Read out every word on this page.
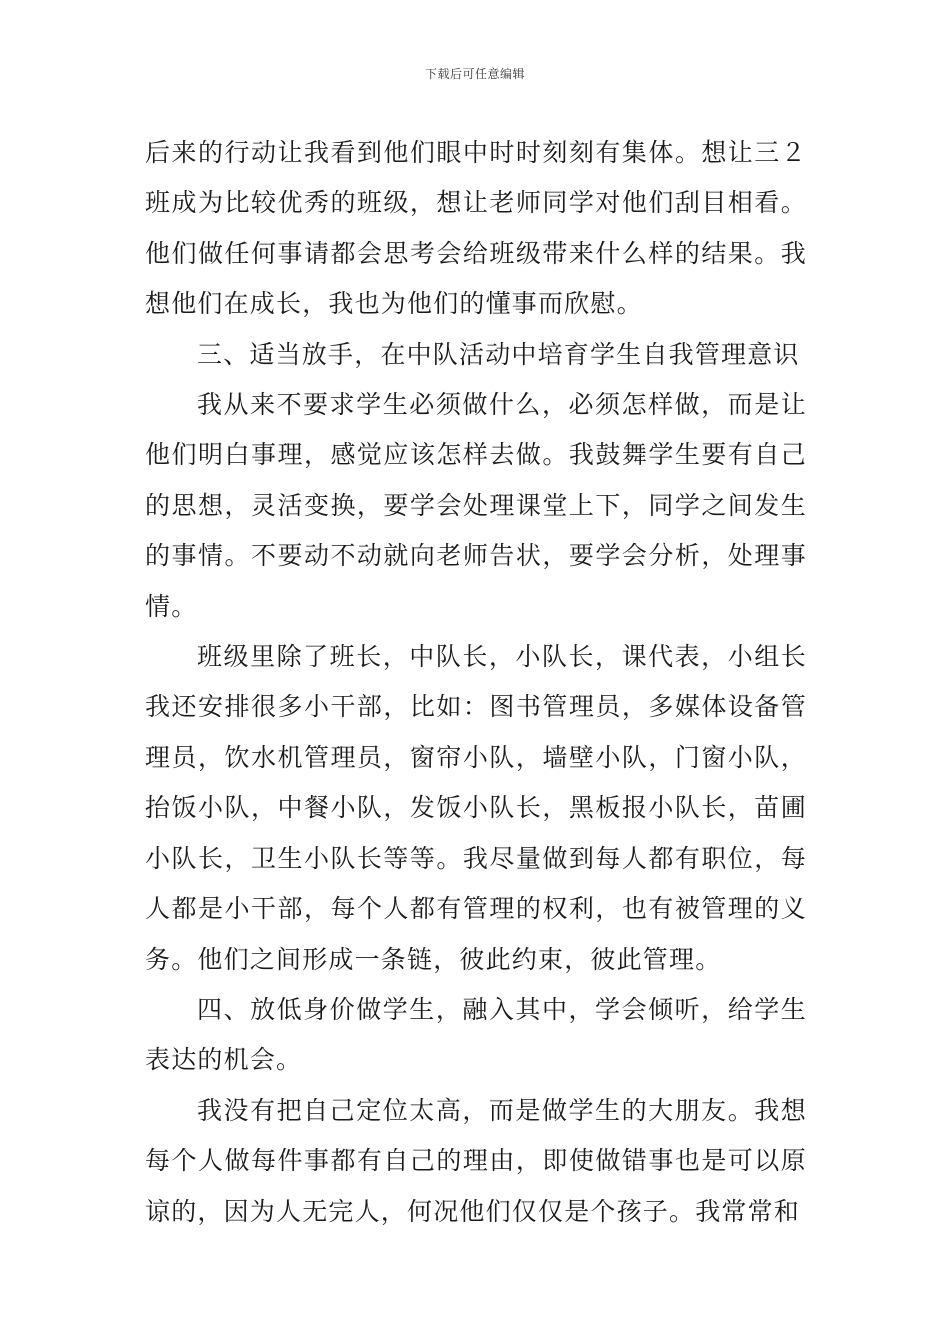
下载后可任意编辑

后来的行动让我看到他们眼中时时刻刻有集体。想让三２班成为比较优秀的班级，想让老师同学对他们刮目相看。他们做任何事请都会思考会给班级带来什么样的结果。我想他们在成长，我也为他们的懂事而欣慰。

三、适当放手，在中队活动中培育学生自我管理意识

我从来不要求学生必须做什么，必须怎样做，而是让他们明白事理，感觉应该怎样去做。我鼓舞学生要有自己的思想，灵活变换，要学会处理课堂上下，同学之间发生的事情。不要动不动就向老师告状，要学会分析，处理事情。

班级里除了班长，中队长，小队长，课代表，小组长我还安排很多小干部，比如：图书管理员，多媒体设备管理员，饮水机管理员，窗帘小队，墙壁小队，门窗小队，抬饭小队，中餐小队，发饭小队长，黑板报小队长，苗圃小队长，卫生小队长等等。我尽量做到每人都有职位，每人都是小干部，每个人都有管理的权利，也有被管理的义务。他们之间形成一条链，彼此约束，彼此管理。

四、放低身价做学生，融入其中，学会倾听，给学生表达的机会。

我没有把自己定位太高，而是做学生的大朋友。我想每个人做每件事都有自己的理由，即使做错事也是可以原谅的，因为人无完人，何况他们仅仅是个孩子。我常常和
